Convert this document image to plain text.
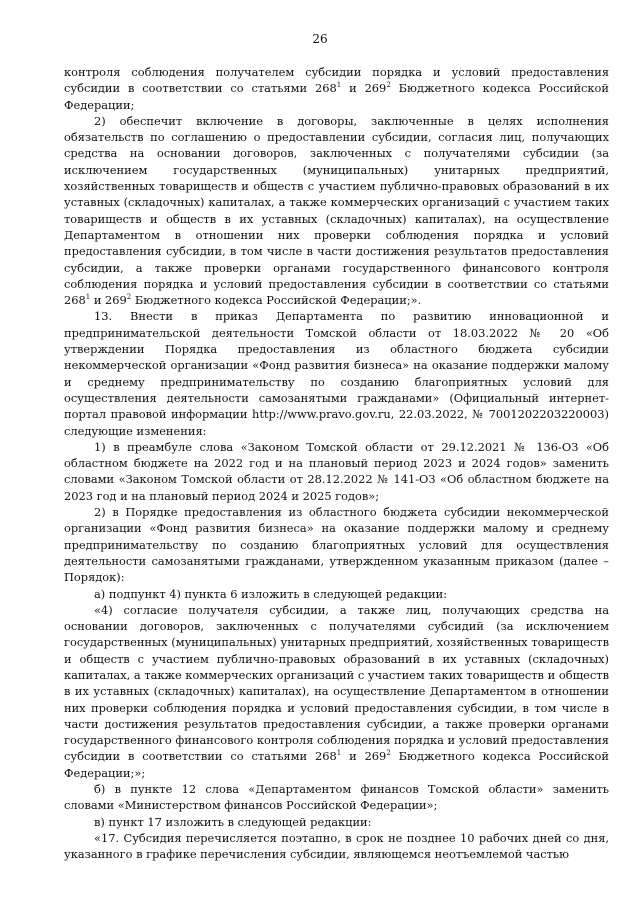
26

контроля соблюдения получателем субсидии порядка и условий предоставления субсидии в соответствии со статьями $268^1$ и $269^2$ Бюджетного кодекса Российской Федерации;

2) обеспечит включение в договоры, заключенные в целях исполнения обязательств по соглашению о предоставлении субсидии, согласия лиц, получающих средства на основании договоров, заключенных с получателями субсидии (за исключением государственных (муниципальных) унитарных предприятий, хозяйственных товариществ и обществ с участием публично-правовых образований в их уставных (складочных) капиталах, а также коммерческих организаций с участием таких товариществ и обществ в их уставных (складочных) капиталах), на осуществление Департаментом в отношении них проверки соблюдения порядка и условий предоставления субсидии, в том числе в части достижения результатов предоставления субсидии, а также проверки органами государственного финансового контроля соблюдения порядка и условий предоставления субсидии в соответствии со статьями $268^1$ и $269^2$ Бюджетного кодекса Российской Федерации;».

13. Внести в приказ Департамента по развитию инновационной и предпринимательской деятельности Томской области от 18.03.2022 № 20 «Об утверждении Порядка предоставления из областного бюджета субсидии некоммерческой организации «Фонд развития бизнеса» на оказание поддержки малому и среднему предпринимательству по созданию благоприятных условий для осуществления деятельности самозанятыми гражданами» (Официальный интернет-портал правовой информации http://www.pravo.gov.ru, 22.03.2022, № 7001202203220003) следующие изменения:

1) в преамбуле слова «Законом Томской области от 29.12.2021 № 136-ОЗ «Об областном бюджете на 2022 год и на плановый период 2023 и 2024 годов» заменить словами «Законом Томской области от 28.12.2022 № 141-ОЗ «Об областном бюджете на 2023 год и на плановый период 2024 и 2025 годов»;

2) в Порядке предоставления из областного бюджета субсидии некоммерческой организации «Фонд развития бизнеса» на оказание поддержки малому и среднему предпринимательству по созданию благоприятных условий для осуществления деятельности самозанятыми гражданами, утвержденном указанным приказом (далее – Порядок):

а) подпункт 4) пункта 6 изложить в следующей редакции:

«4) согласие получателя субсидии, а также лиц, получающих средства на основании договоров, заключенных с получателями субсидий (за исключением государственных (муниципальных) унитарных предприятий, хозяйственных товариществ и обществ с участием публично-правовых образований в их уставных (складочных) капиталах, а также коммерческих организаций с участием таких товариществ и обществ в их уставных (складочных) капиталах), на осуществление Департаментом в отношении них проверки соблюдения порядка и условий предоставления субсидии, в том числе в части достижения результатов предоставления субсидии, а также проверки органами государственного финансового контроля соблюдения порядка и условий предоставления субсидии в соответствии со статьями $268^1$ и $269^2$ Бюджетного кодекса Российской Федерации;»;

б) в пункте 12 слова «Департаментом финансов Томской области» заменить словами «Министерством финансов Российской Федерации»;

в) пункт 17 изложить в следующей редакции:

«17. Субсидия перечисляется поэтапно, в срок не позднее 10 рабочих дней со дня, указанного в графике перечисления субсидии, являющемся неотъемлемой частью
